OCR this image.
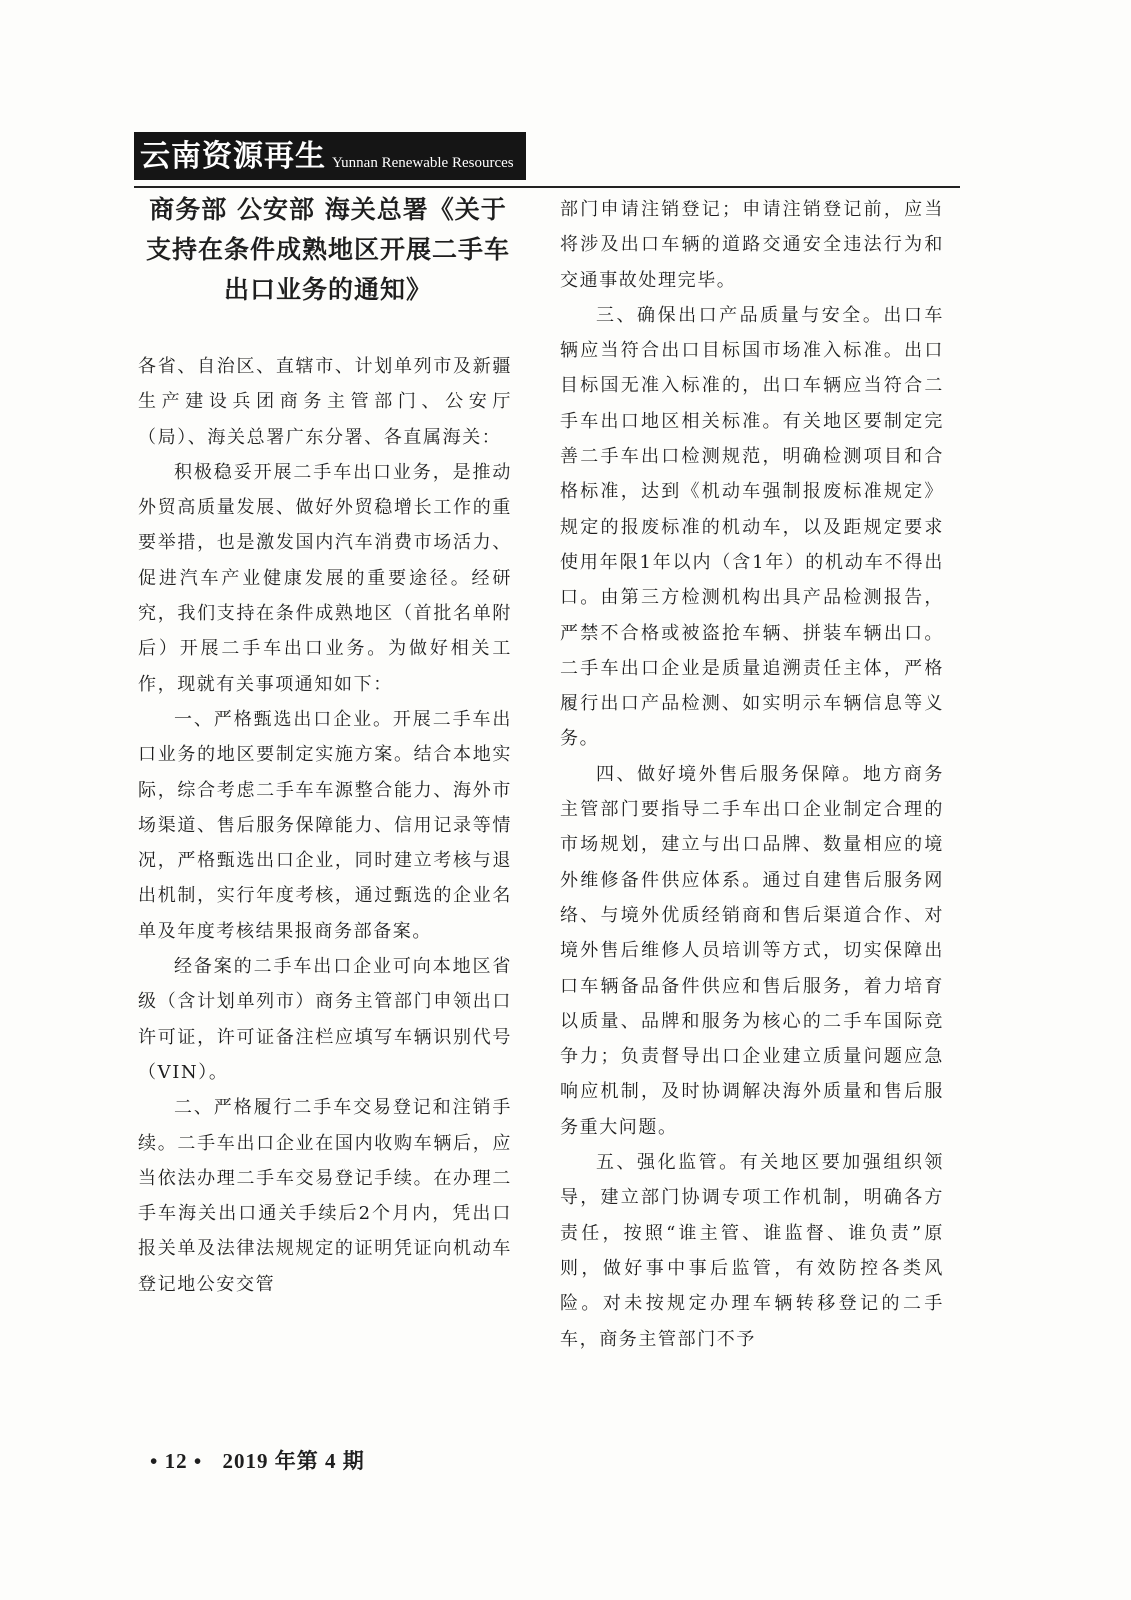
云南资源再生 Yunnan Renewable Resources
商务部 公安部 海关总署《关于支持在条件成熟地区开展二手车出口业务的通知》

各省、自治区、直辖市、计划单列市及新疆生产建设兵团商务主管部门、公安厅（局）、海关总署广东分署、各直属海关：

积极稳妥开展二手车出口业务，是推动外贸高质量发展、做好外贸稳增长工作的重要举措，也是激发国内汽车消费市场活力、促进汽车产业健康发展的重要途径。经研究，我们支持在条件成熟地区（首批名单附后）开展二手车出口业务。为做好相关工作，现就有关事项通知如下：

一、严格甄选出口企业。开展二手车出口业务的地区要制定实施方案。结合本地实际，综合考虑二手车车源整合能力、海外市场渠道、售后服务保障能力、信用记录等情况，严格甄选出口企业，同时建立考核与退出机制，实行年度考核，通过甄选的企业名单及年度考核结果报商务部备案。

经备案的二手车出口企业可向本地区省级（含计划单列市）商务主管部门申领出口许可证，许可证备注栏应填写车辆识别代号（VIN）。

二、严格履行二手车交易登记和注销手续。二手车出口企业在国内收购车辆后，应当依法办理二手车交易登记手续。在办理二手车海关出口通关手续后2个月内，凭出口报关单及法律法规规定的证明凭证向机动车登记地公安交管

部门申请注销登记；申请注销登记前，应当将涉及出口车辆的道路交通安全违法行为和交通事故处理完毕。

三、确保出口产品质量与安全。出口车辆应当符合出口目标国市场准入标准。出口目标国无准入标准的，出口车辆应当符合二手车出口地区相关标准。有关地区要制定完善二手车出口检测规范，明确检测项目和合格标准，达到《机动车强制报废标准规定》规定的报废标准的机动车，以及距规定要求使用年限1年以内（含1年）的机动车不得出口。由第三方检测机构出具产品检测报告，严禁不合格或被盗抢车辆、拼装车辆出口。二手车出口企业是质量追溯责任主体，严格履行出口产品检测、如实明示车辆信息等义务。

四、做好境外售后服务保障。地方商务主管部门要指导二手车出口企业制定合理的市场规划，建立与出口品牌、数量相应的境外维修备件供应体系。通过自建售后服务网络、与境外优质经销商和售后渠道合作、对境外售后维修人员培训等方式，切实保障出口车辆备品备件供应和售后服务，着力培育以质量、品牌和服务为核心的二手车国际竞争力；负责督导出口企业建立质量问题应急响应机制，及时协调解决海外质量和售后服务重大问题。

五、强化监管。有关地区要加强组织领导，建立部门协调专项工作机制，明确各方责任，按照“谁主管、谁监督、谁负责”原则，做好事中事后监管，有效防控各类风险。对未按规定办理车辆转移登记的二手车，商务主管部门不予

• 12 • 2019 年第 4 期
